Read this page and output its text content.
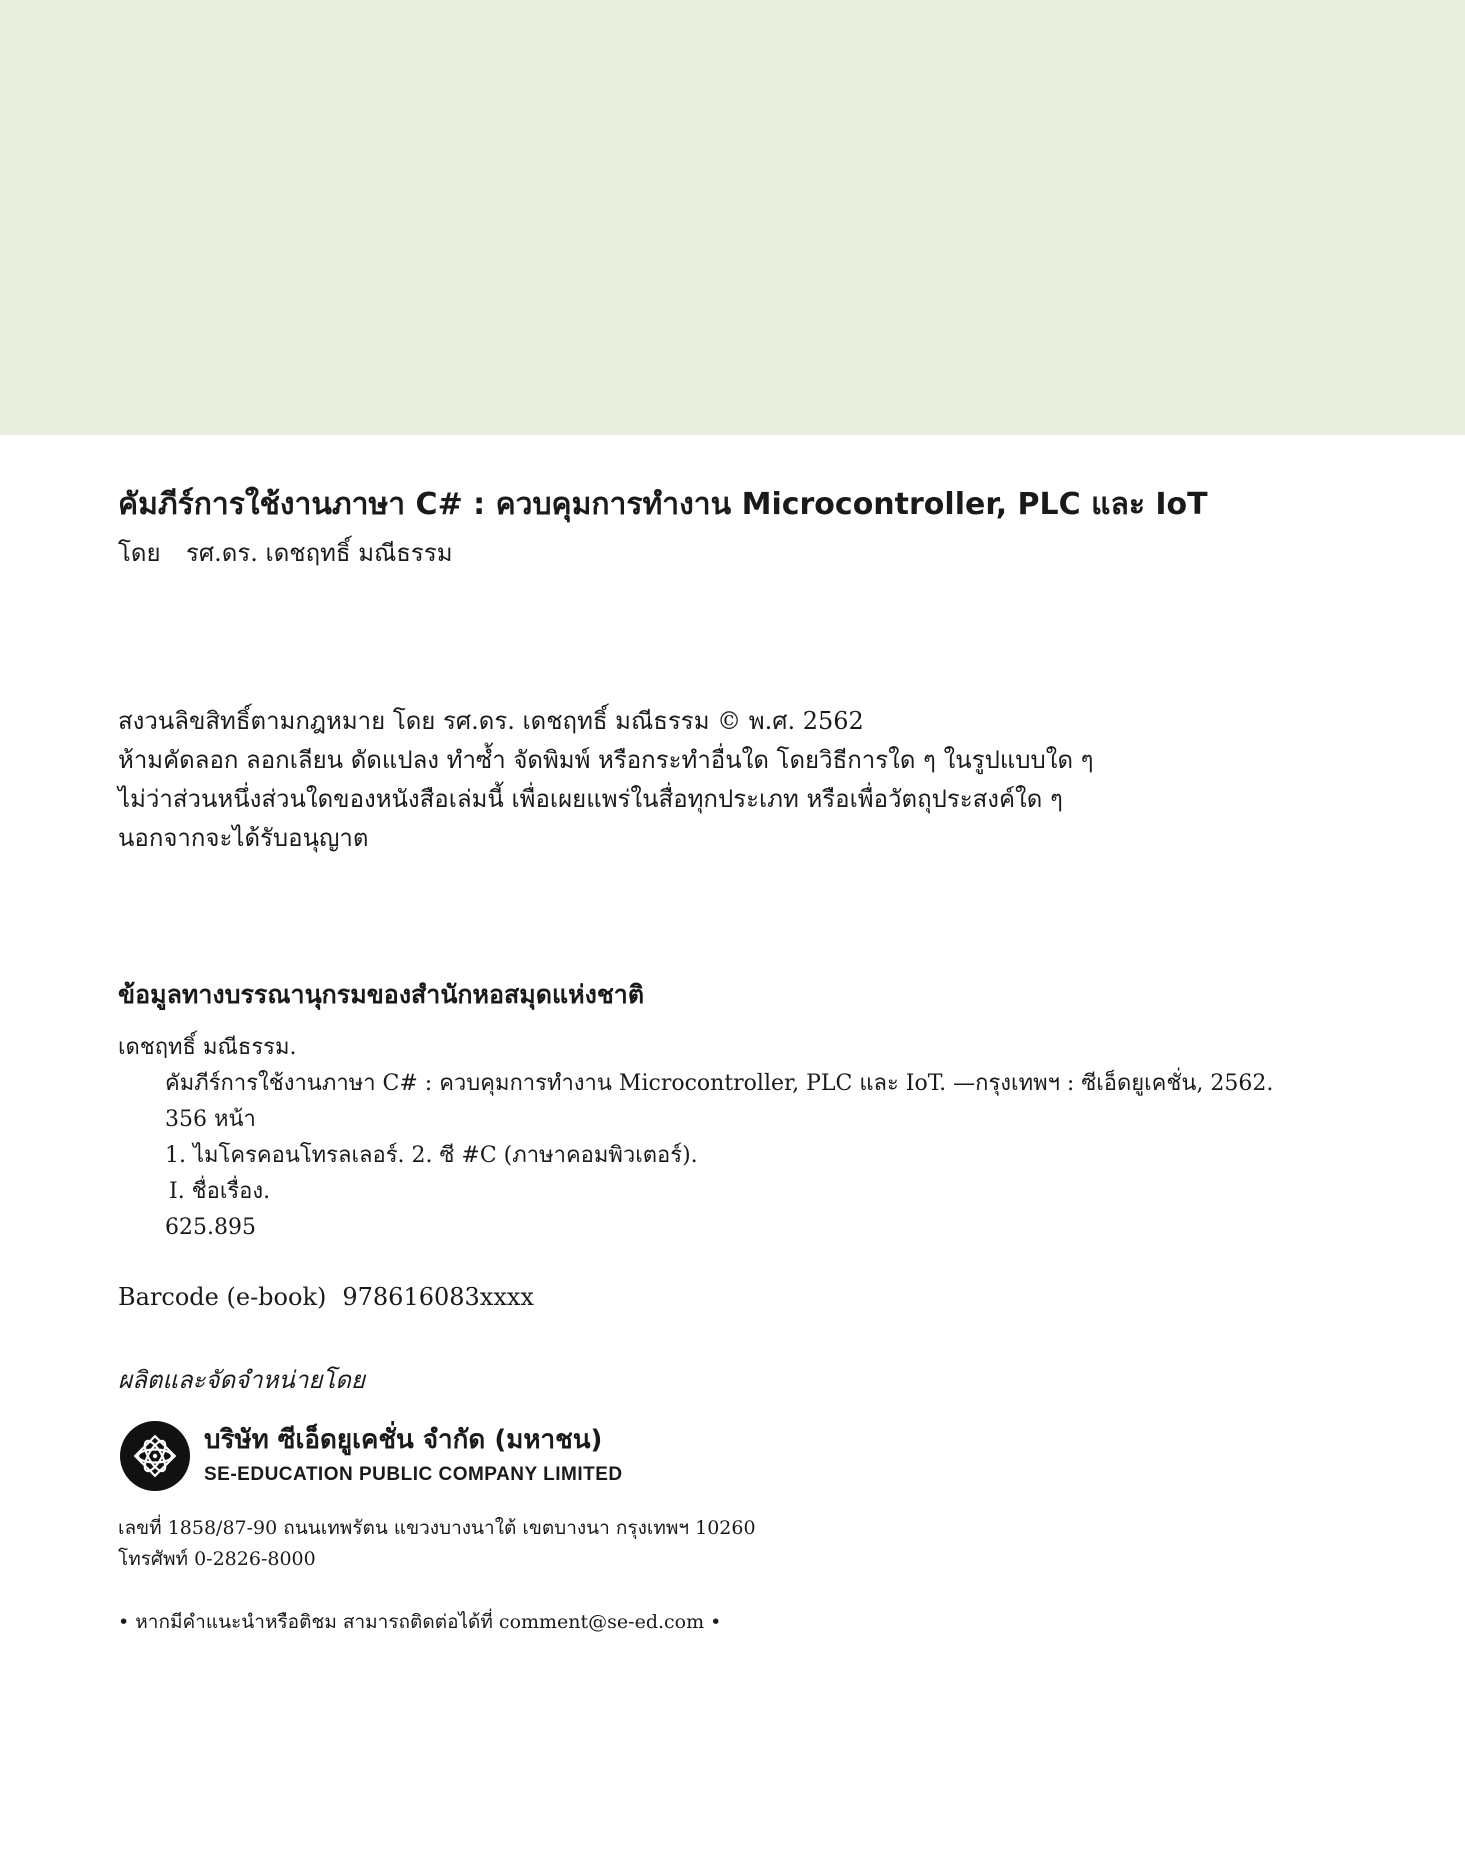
คัมภีร์การใช้งานภาษา C# : ควบคุมการทำงาน Microcontroller, PLC และ IoT
โดย รศ.ดร. เดชฤทธิ์ มณีธรรม
สงวนลิขสิทธิ์ตามกฎหมาย โดย รศ.ดร. เดชฤทธิ์ มณีธรรม © พ.ศ. 2562
ห้ามคัดลอก ลอกเลียน ดัดแปลง ทำซ้ำ จัดพิมพ์ หรือกระทำอื่นใด โดยวิธีการใด ๆ ในรูปแบบใด ๆ
ไม่ว่าส่วนหนึ่งส่วนใดของหนังสือเล่มนี้ เพื่อเผยแพร่ในสื่อทุกประเภท หรือเพื่อวัตถุประสงค์ใด ๆ
นอกจากจะได้รับอนุญาต
ข้อมูลทางบรรณานุกรมของสำนักหอสมุดแห่งชาติ
เดชฤทธิ์ มณีธรรม.
คัมภีร์การใช้งานภาษา C# : ควบคุมการทำงาน Microcontroller, PLC และ IoT. —กรุงเทพฯ : ซีเอ็ดยูเคชั่น, 2562.
356 หน้า
1. ไมโครคอนโทรลเลอร์. 2. ซี #C (ภาษาคอมพิวเตอร์).
I. ชื่อเรื่อง.
625.895
Barcode (e-book) 978616083xxxx
ผลิตและจัดจำหน่ายโดย
บริษัท ซีเอ็ดยูเคชั่น จำกัด (มหาชน)
SE-EDUCATION PUBLIC COMPANY LIMITED
เลขที่ 1858/87-90 ถนนเทพรัตน แขวงบางนาใต้ เขตบางนา กรุงเทพฯ 10260
โทรศัพท์ 0-2826-8000
• หากมีคำแนะนำหรือติชม สามารถติดต่อได้ที่ comment@se-ed.com •
